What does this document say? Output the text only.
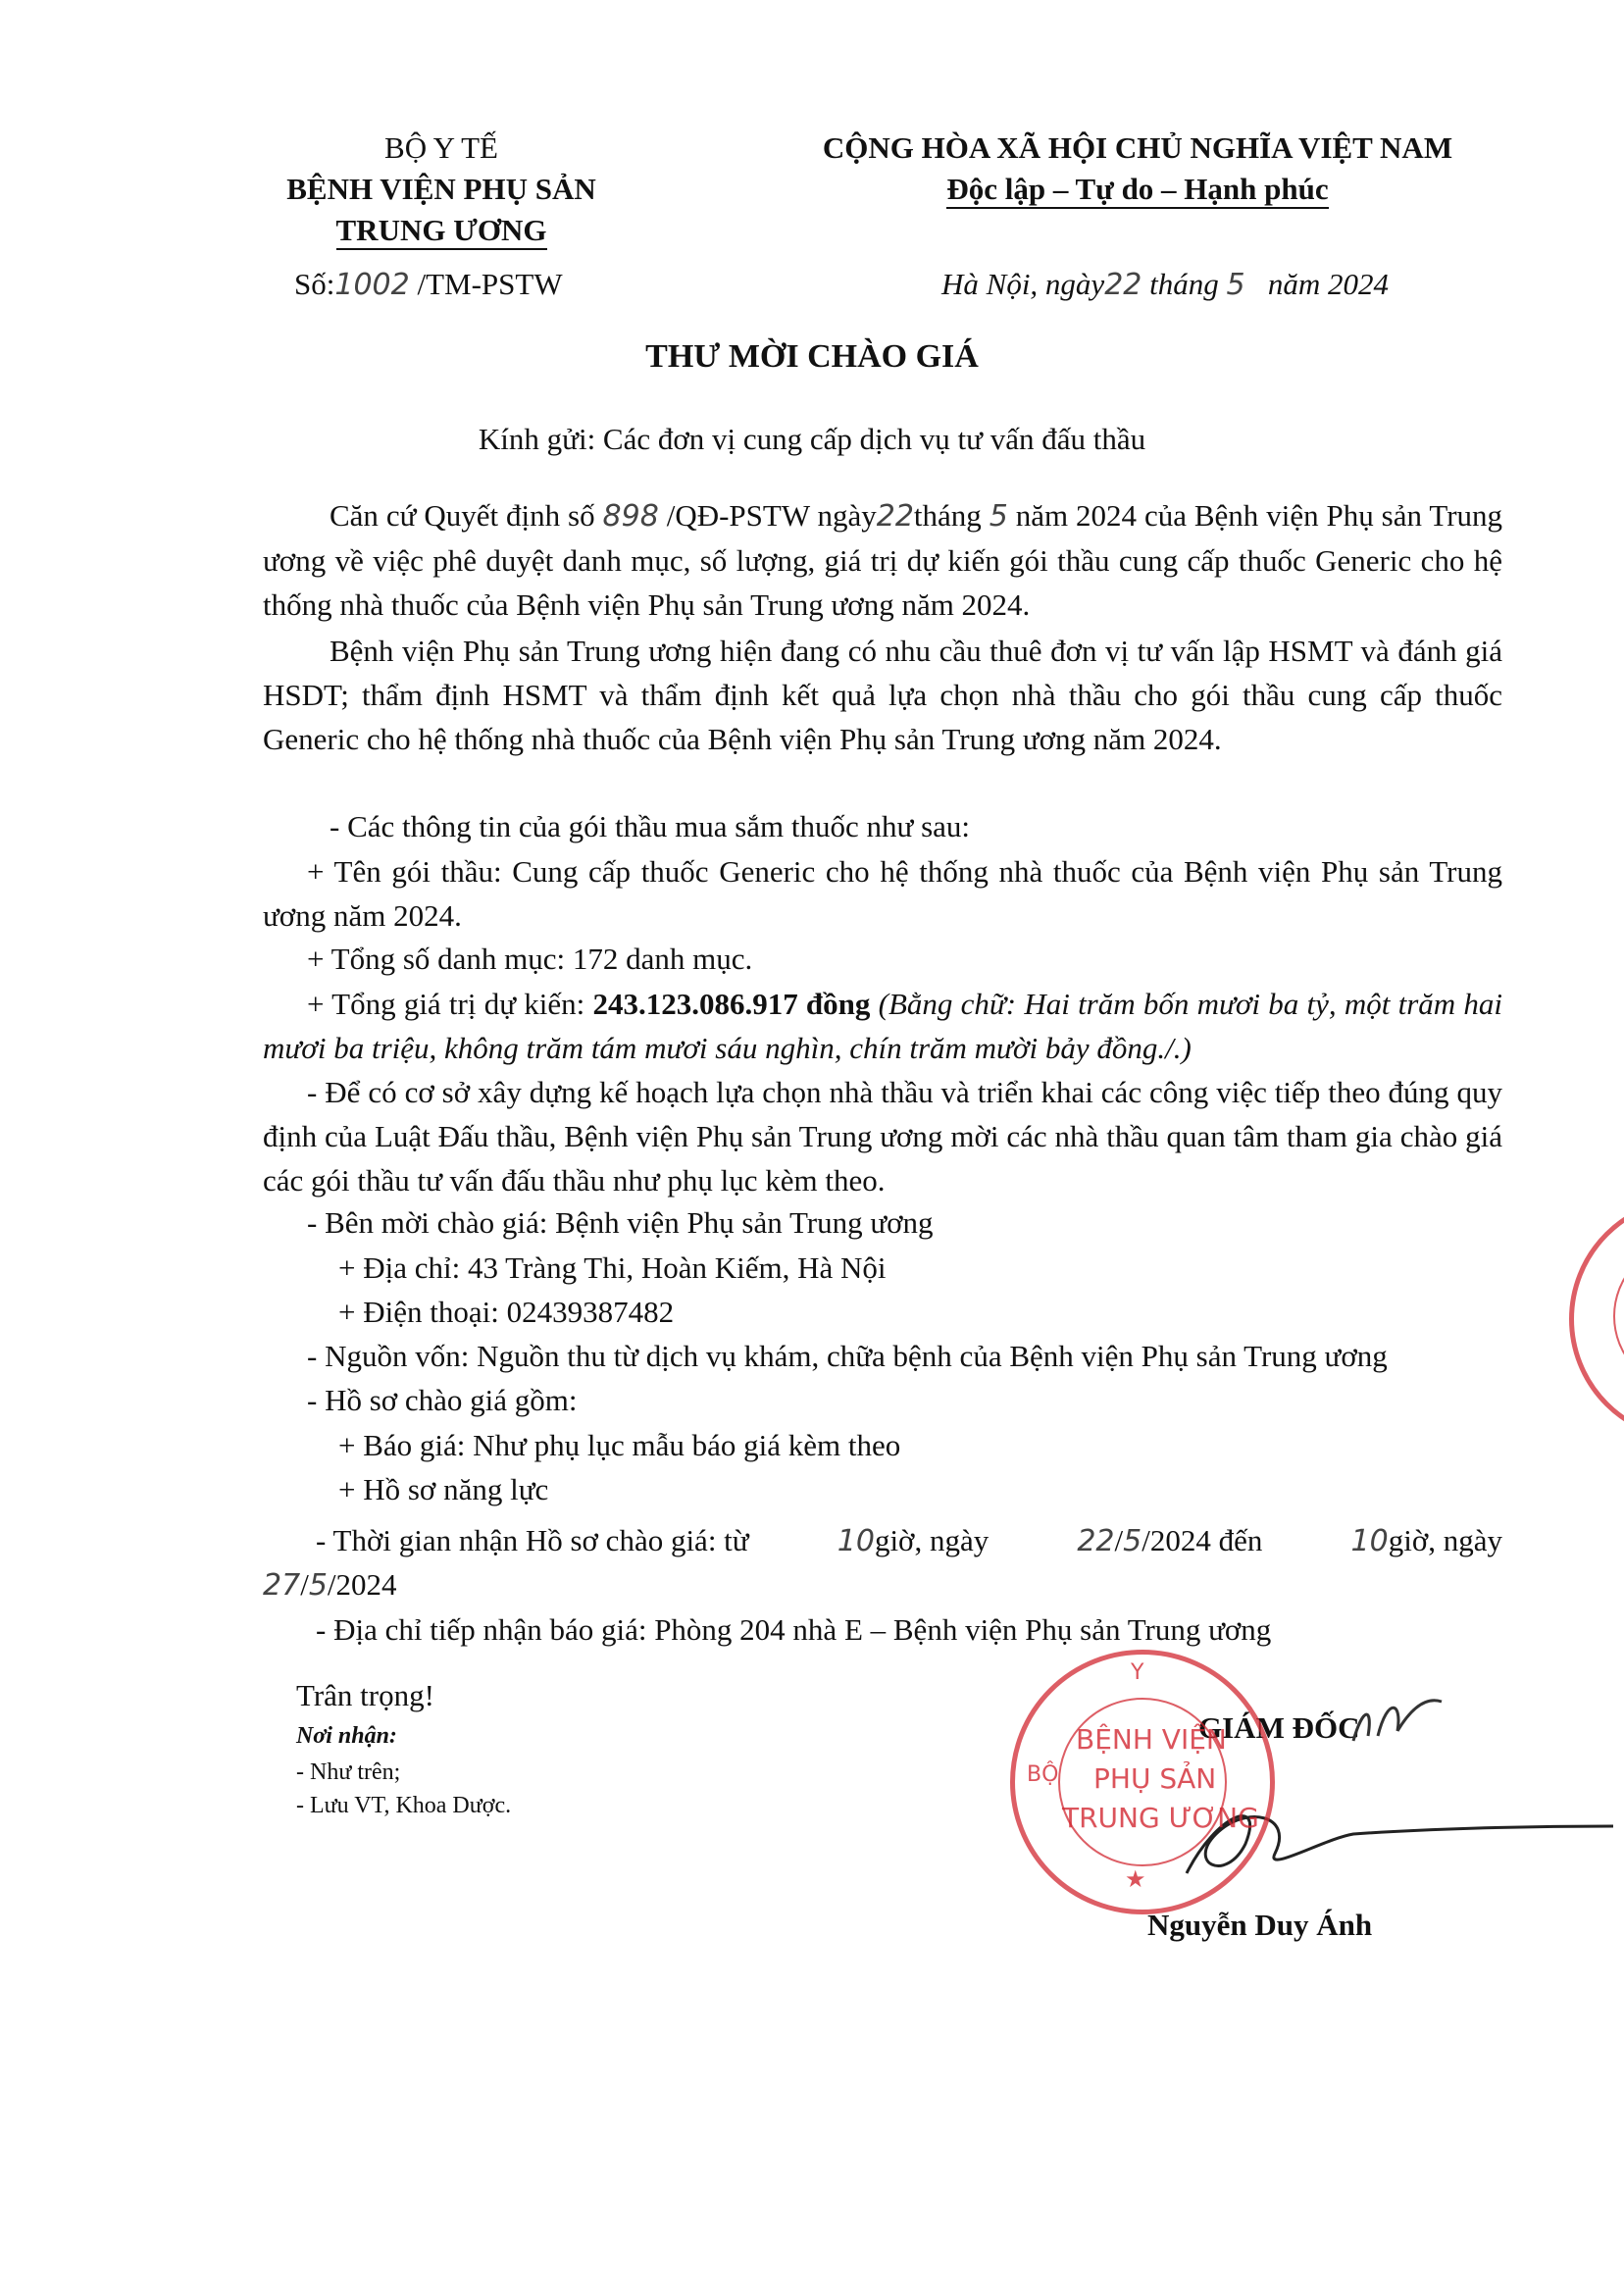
BỘ Y TẾ
BỆNH VIỆN PHỤ SẢN
TRUNG ƯƠNG
CỘNG HÒA XÃ HỘI CHỦ NGHĨA VIỆT NAM
Độc lập – Tự do – Hạnh phúc
Số:1002 /TM-PSTW	Hà Nội, ngày22 tháng 5 năm 2024
THƯ MỜI CHÀO GIÁ
Kính gửi: Các đơn vị cung cấp dịch vụ tư vấn đấu thầu
Căn cứ Quyết định số 898 /QĐ-PSTW ngày22tháng 5 năm 2024 của Bệnh viện Phụ sản Trung ương về việc phê duyệt danh mục, số lượng, giá trị dự kiến gói thầu cung cấp thuốc Generic cho hệ thống nhà thuốc của Bệnh viện Phụ sản Trung ương năm 2024.
Bệnh viện Phụ sản Trung ương hiện đang có nhu cầu thuê đơn vị tư vấn lập HSMT và đánh giá HSDT; thẩm định HSMT và thẩm định kết quả lựa chọn nhà thầu cho gói thầu cung cấp thuốc Generic cho hệ thống nhà thuốc của Bệnh viện Phụ sản Trung ương năm 2024.
- Các thông tin của gói thầu mua sắm thuốc như sau:
+ Tên gói thầu: Cung cấp thuốc Generic cho hệ thống nhà thuốc của Bệnh viện Phụ sản Trung ương năm 2024.
+ Tổng số danh mục: 172 danh mục.
+ Tổng giá trị dự kiến: 243.123.086.917 đồng (Bằng chữ: Hai trăm bốn mươi ba tỷ, một trăm hai mươi ba triệu, không trăm tám mươi sáu nghìn, chín trăm mười bảy đồng./.)
- Để có cơ sở xây dựng kế hoạch lựa chọn nhà thầu và triển khai các công việc tiếp theo đúng quy định của Luật Đấu thầu, Bệnh viện Phụ sản Trung ương mời các nhà thầu quan tâm tham gia chào giá các gói thầu tư vấn đấu thầu như phụ lục kèm theo.
- Bên mời chào giá: Bệnh viện Phụ sản Trung ương
+ Địa chỉ: 43 Tràng Thi, Hoàn Kiếm, Hà Nội
+ Điện thoại: 02439387482
- Nguồn vốn: Nguồn thu từ dịch vụ khám, chữa bệnh của Bệnh viện Phụ sản Trung ương
- Hồ sơ chào giá gồm:
+ Báo giá: Như phụ lục mẫu báo giá kèm theo
+ Hồ sơ năng lực
- Thời gian nhận Hồ sơ chào giá: từ	10giờ, ngày	22/5/2024 đến	10giờ, ngày
27/5/2024
- Địa chỉ tiếp nhận báo giá: Phòng 204 nhà E – Bệnh viện Phụ sản Trung ương
Trân trọng!
Nơi nhận:
- Như trên;
- Lưu VT, Khoa Dược.
GIÁM ĐỐC
Nguyễn Duy Ánh
BỆNH VIỆN
PHỤ SẢN
TRUNG ƯƠNG
BỘ
Y
★
